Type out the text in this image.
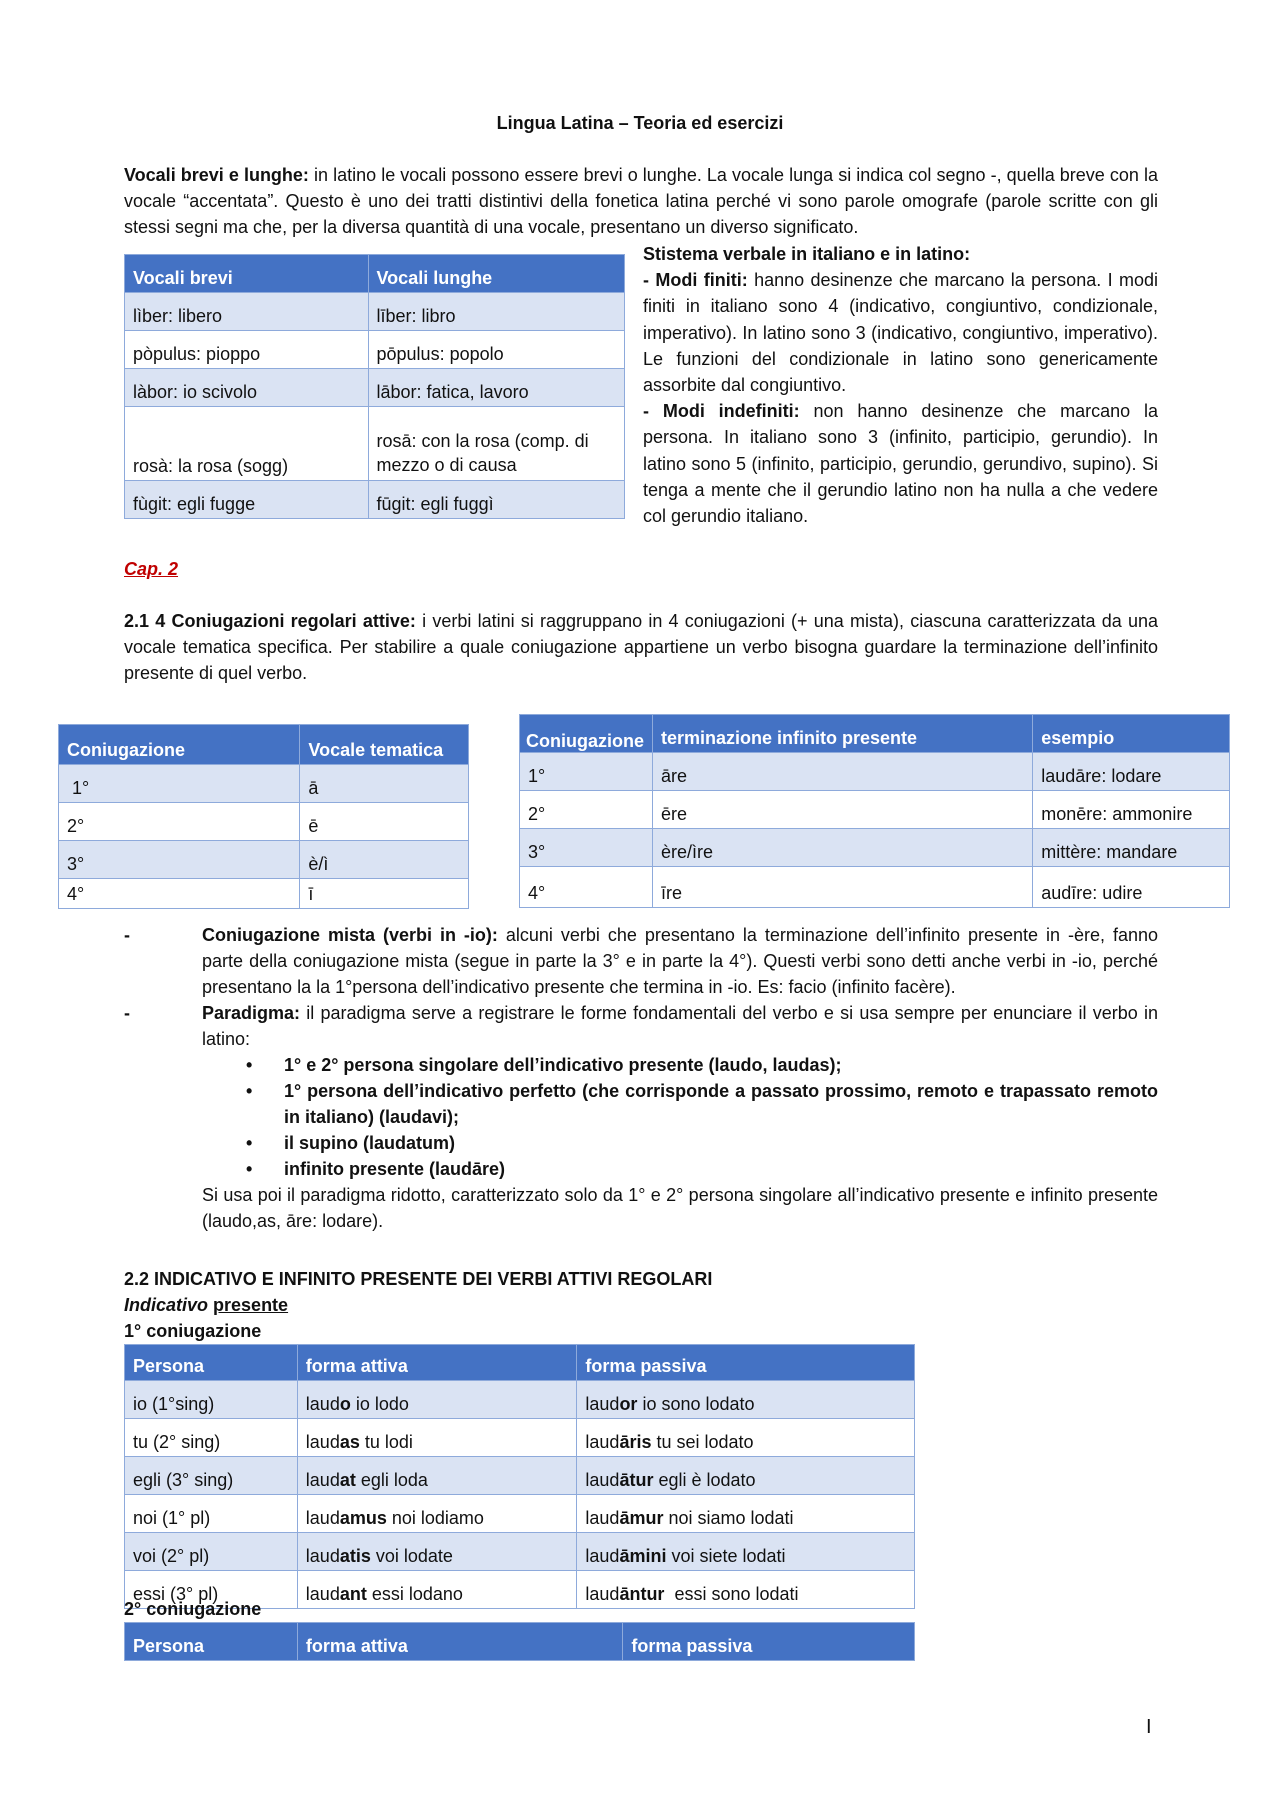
Lingua Latina – Teoria ed esercizi
Vocali brevi e lunghe: in latino le vocali possono essere brevi o lunghe. La vocale lunga si indica col segno -, quella breve con la vocale “accentata”. Questo è uno dei tratti distintivi della fonetica latina perché vi sono parole omografe (parole scritte con gli stessi segni ma che, per la diversa quantità di una vocale, presentano un diverso significato.
Vocali brevi	Vocali lunghe
lìber: libero	līber: libro
pòpulus: pioppo	pōpulus: popolo
làbor: io scivolo	lābor: fatica, lavoro
rosà: la rosa (sogg)	rosā: con la rosa (comp. di mezzo o di causa
fùgit: egli fugge	fūgit: egli fuggì
Stistema verbale in italiano e in latino:
- Modi finiti: hanno desinenze che marcano la persona. I modi finiti in italiano sono 4 (indicativo, congiuntivo, condizionale, imperativo). In latino sono 3 (indicativo, congiuntivo, imperativo). Le funzioni del condizionale in latino sono genericamente assorbite dal congiuntivo.
- Modi indefiniti: non hanno desinenze che marcano la persona. In italiano sono 3 (infinito, participio, gerundio). In latino sono 5 (infinito, participio, gerundio, gerundivo, supino). Si tenga a mente che il gerundio latino non ha nulla a che vedere col gerundio italiano.
Cap. 2
2.1 4 Coniugazioni regolari attive: i verbi latini si raggruppano in 4 coniugazioni (+ una mista), ciascuna caratterizzata da una vocale tematica specifica. Per stabilire a quale coniugazione appartiene un verbo bisogna guardare la terminazione dell’infinito presente di quel verbo.
Coniugazione	Vocale tematica
1°	ā
2°	ē
3°	è/ì
4°	ī
Coniugazione	terminazione infinito presente	esempio
1°	āre	laudāre: lodare
2°	ēre	monēre: ammonire
3°	ère/ìre	mittère: mandare
4°	īre	audīre: udire
- Coniugazione mista (verbi in -io): alcuni verbi che presentano la terminazione dell’infinito presente in -ère, fanno parte della coniugazione mista (segue in parte la 3° e in parte la 4°). Questi verbi sono detti anche verbi in -io, perché presentano la la 1°persona dell’indicativo presente che termina in -io. Es: facio (infinito facère).
- Paradigma: il paradigma serve a registrare le forme fondamentali del verbo e si usa sempre per enunciare il verbo in latino:
• 1° e 2° persona singolare dell’indicativo presente (laudo, laudas);
• 1° persona dell’indicativo perfetto (che corrisponde a passato prossimo, remoto e trapassato remoto in italiano) (laudavi);
• il supino (laudatum)
• infinito presente (laudāre)
Si usa poi il paradigma ridotto, caratterizzato solo da 1° e 2° persona singolare all’indicativo presente e infinito presente (laudo,as, āre: lodare).
2.2 INDICATIVO E INFINITO PRESENTE DEI VERBI ATTIVI REGOLARI
Indicativo presente
1° coniugazione
Persona	forma attiva	forma passiva
io (1°sing)	laudo io lodo	laudor io sono lodato
tu (2° sing)	laudas tu lodi	laudāris tu sei lodato
egli (3° sing)	laudat egli loda	laudātur egli è lodato
noi (1° pl)	laudamus noi lodiamo	laudāmur noi siamo lodati
voi (2° pl)	laudatis voi lodate	laudāmini voi siete lodati
essi (3° pl)	laudant essi lodano	laudāntur  essi sono lodati
2° coniugazione
Persona	forma attiva	forma passiva
I
